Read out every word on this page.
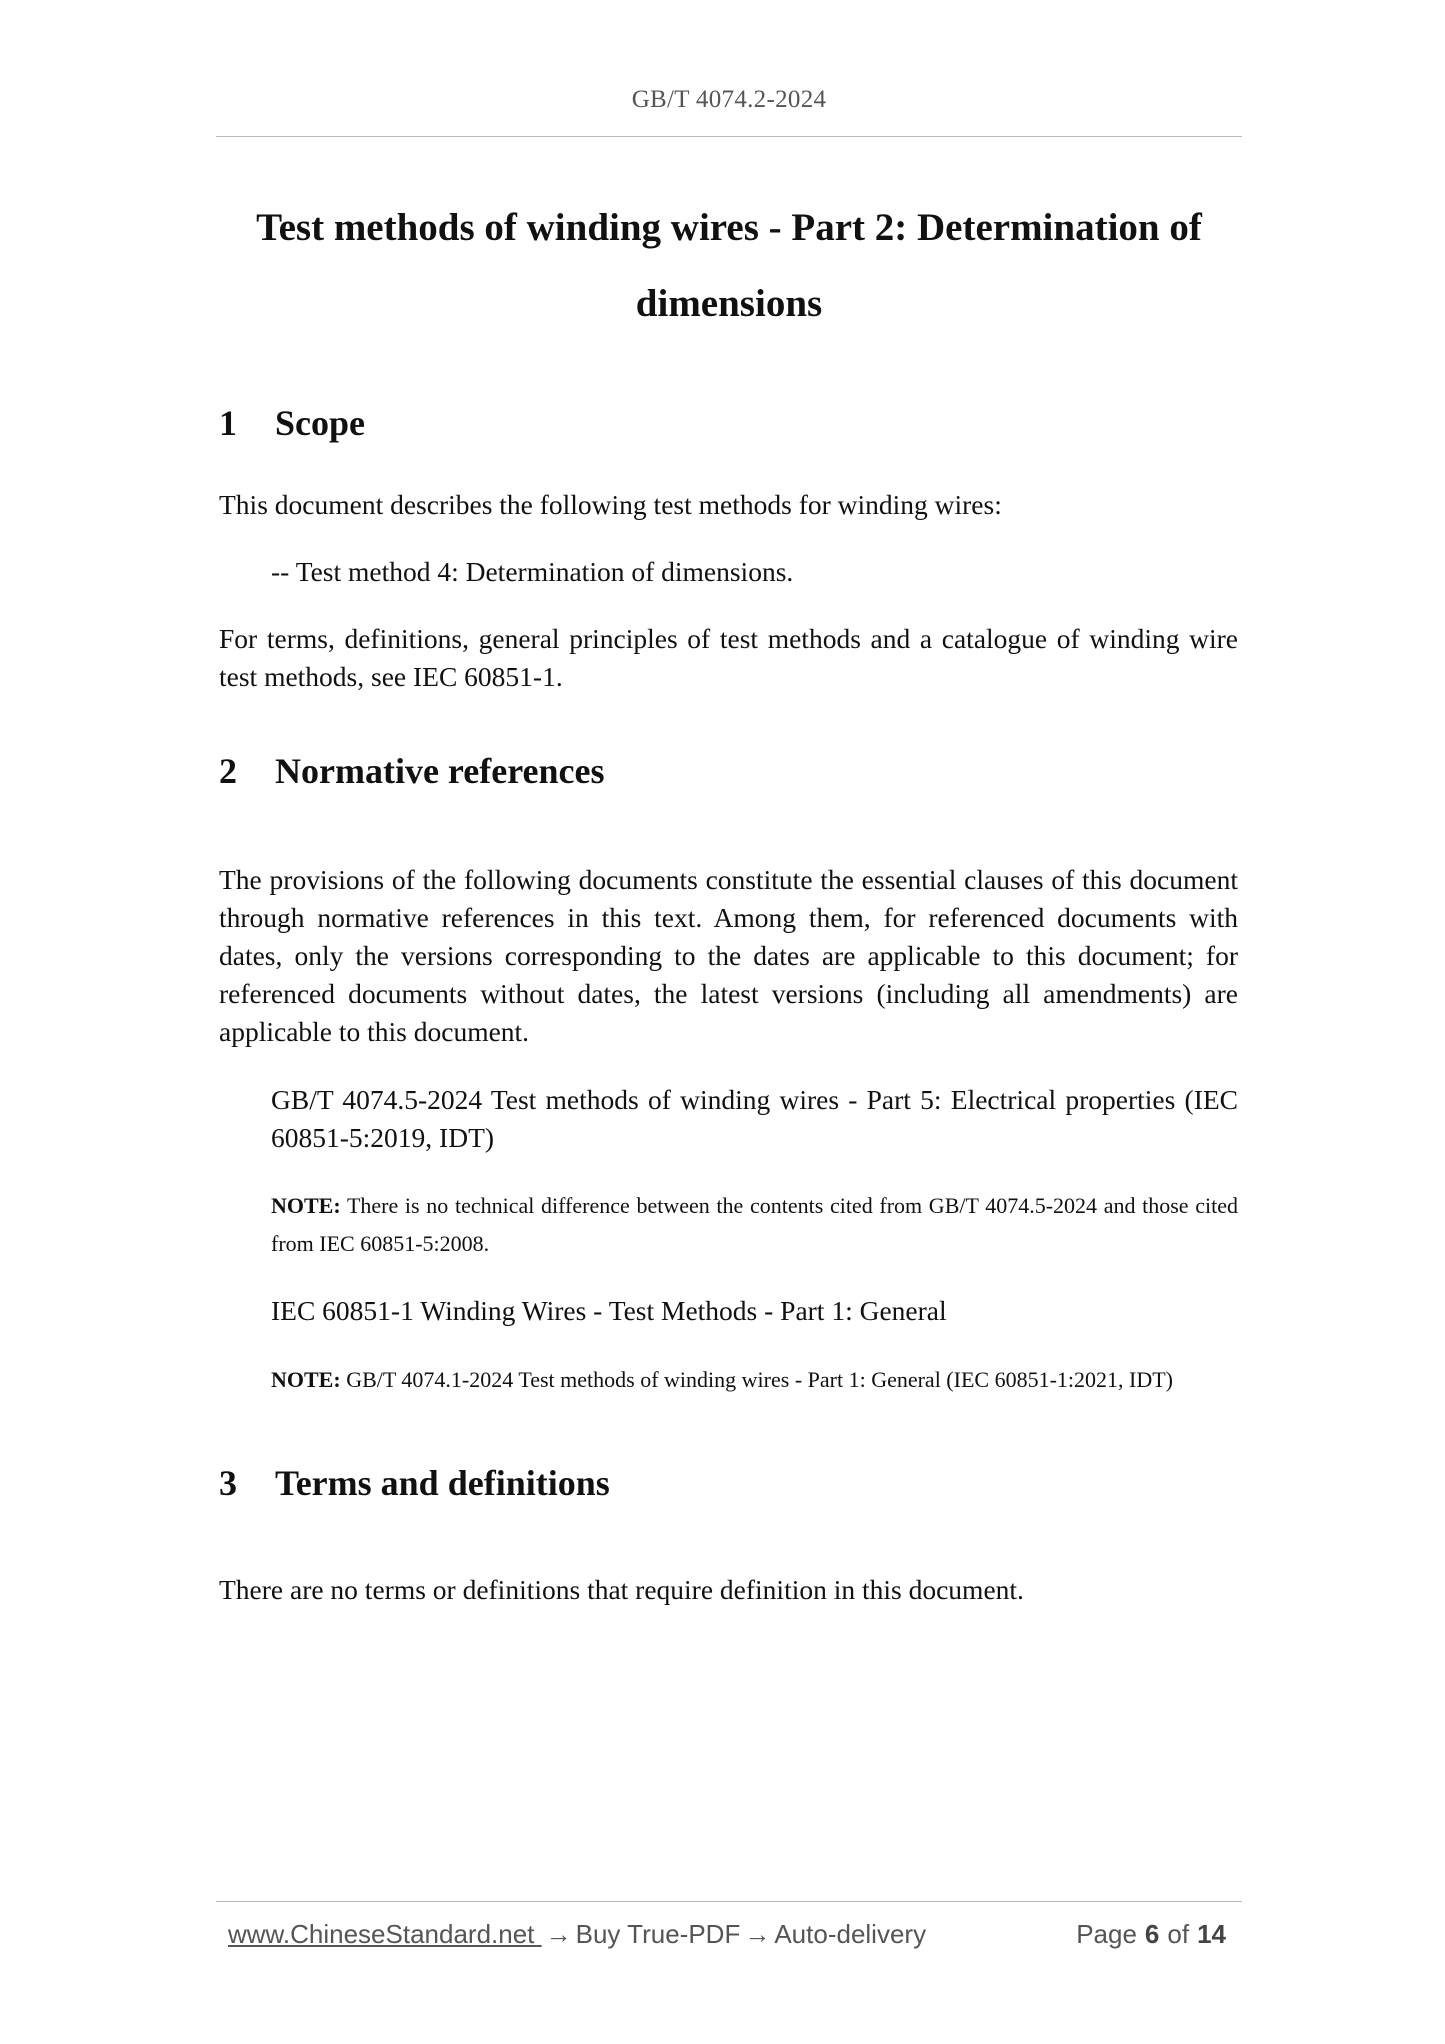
GB/T 4074.2-2024
Test methods of winding wires - Part 2: Determination of
dimensions
1 Scope

This document describes the following test methods for winding wires:

-- Test method 4: Determination of dimensions.

For terms, definitions, general principles of test methods and a catalogue of winding wire test methods, see IEC 60851-1.

2 Normative references

The provisions of the following documents constitute the essential clauses of this document through normative references in this text. Among them, for referenced documents with dates, only the versions corresponding to the dates are applicable to this document; for referenced documents without dates, the latest versions (including all amendments) are applicable to this document.

GB/T 4074.5-2024 Test methods of winding wires - Part 5: Electrical properties (IEC 60851-5:2019, IDT)

NOTE: There is no technical difference between the contents cited from GB/T 4074.5-2024 and those cited from IEC 60851-5:2008.

IEC 60851-1 Winding Wires - Test Methods - Part 1: General

NOTE: GB/T 4074.1-2024 Test methods of winding wires - Part 1: General (IEC 60851-1:2021, IDT)

3 Terms and definitions

There are no terms or definitions that require definition in this document.

www.ChineseStandard.net → Buy True-PDF → Auto-delivery	Page 6 of 14
